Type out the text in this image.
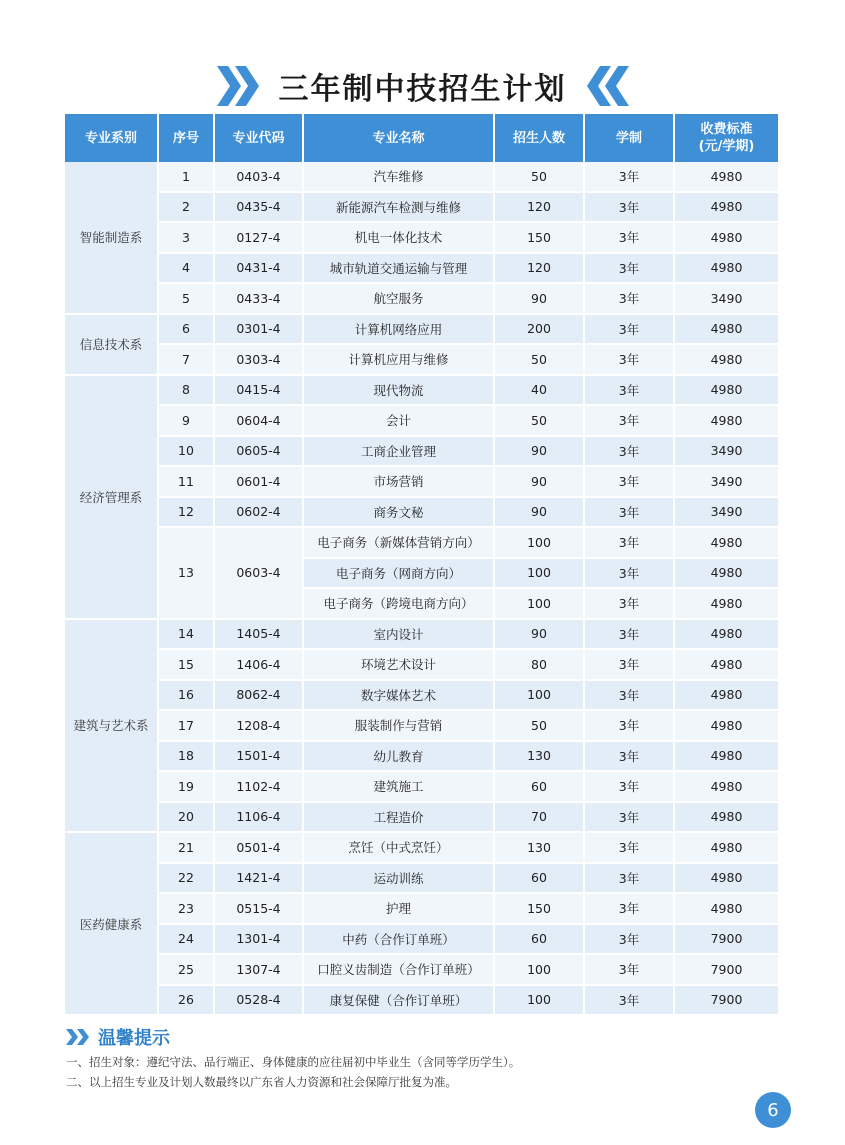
三年制中技招生计划
专业系别	序号	专业代码	专业名称	招生人数	学制	收费标准
(元/学期)
智能制造系	1	0403-4	汽车维修	50	3年	4980
	2	0435-4	新能源汽车检测与维修	120	3年	4980
	3	0127-4	机电一体化技术	150	3年	4980
	4	0431-4	城市轨道交通运输与管理	120	3年	4980
	5	0433-4	航空服务	90	3年	3490
信息技术系	6	0301-4	计算机网络应用	200	3年	4980
	7	0303-4	计算机应用与维修	50	3年	4980
经济管理系	8	0415-4	现代物流	40	3年	4980
	9	0604-4	会计	50	3年	4980
	10	0605-4	工商企业管理	90	3年	3490
	11	0601-4	市场营销	90	3年	3490
	12	0602-4	商务文秘	90	3年	3490
	13	0603-4	电子商务（新媒体营销方向）	100	3年	4980
			电子商务（网商方向）	100	3年	4980
			电子商务（跨境电商方向）	100	3年	4980
建筑与艺术系	14	1405-4	室内设计	90	3年	4980
	15	1406-4	环境艺术设计	80	3年	4980
	16	8062-4	数字媒体艺术	100	3年	4980
	17	1208-4	服装制作与营销	50	3年	4980
	18	1501-4	幼儿教育	130	3年	4980
	19	1102-4	建筑施工	60	3年	4980
	20	1106-4	工程造价	70	3年	4980
医药健康系	21	0501-4	烹饪（中式烹饪）	130	3年	4980
	22	1421-4	运动训练	60	3年	4980
	23	0515-4	护理	150	3年	4980
	24	1301-4	中药（合作订单班）	60	3年	7900
	25	1307-4	口腔义齿制造（合作订单班）	100	3年	7900
	26	0528-4	康复保健（合作订单班）	100	3年	7900
温馨提示
一、招生对象：遵纪守法、品行端正、身体健康的应往届初中毕业生（含同等学历学生）。
二、以上招生专业及计划人数最终以广东省人力资源和社会保障厅批复为准。
6
